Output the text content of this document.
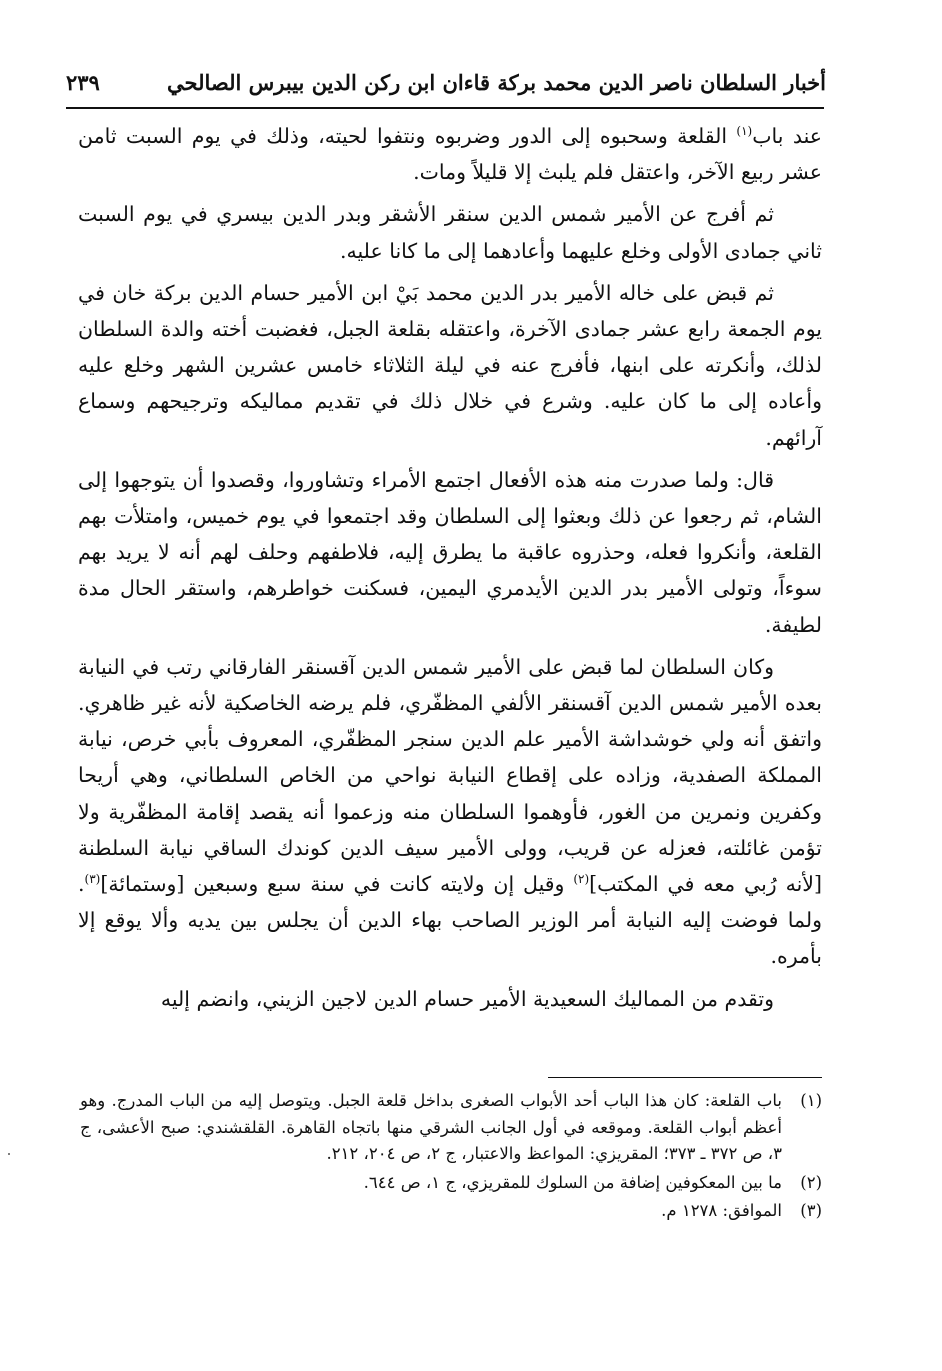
أخبار السلطان ناصر الدين محمد بركة قاءان ابن ركن الدين بيبرس الصالحي
٢٣٩

عند باب$^{(١)}$ القلعة وسحبوه إلى الدور وضربوه ونتفوا لحيته، وذلك في يوم السبت ثامن عشر ربيع الآخر، واعتقل فلم يلبث إلا قليلاً ومات.

ثم أفرج عن الأمير شمس الدين سنقر الأشقر وبدر الدين بيسري في يوم السبت ثاني جمادى الأولى وخلع عليهما وأعادهما إلى ما كانا عليه.

ثم قبض على خاله الأمير بدر الدين محمد بَيْ ابن الأمير حسام الدين بركة خان في يوم الجمعة رابع عشر جمادى الآخرة، واعتقله بقلعة الجبل، فغضبت أخته والدة السلطان لذلك، وأنكرته على ابنها، فأفرج عنه في ليلة الثلاثاء خامس عشرين الشهر وخلع عليه وأعاده إلى ما كان عليه. وشرع في خلال ذلك في تقديم مماليكه وترجيحهم وسماع آرائهم.

قال: ولما صدرت منه هذه الأفعال اجتمع الأمراء وتشاوروا، وقصدوا أن يتوجهوا إلى الشام، ثم رجعوا عن ذلك وبعثوا إلى السلطان وقد اجتمعوا في يوم خميس، وامتلأت بهم القلعة، وأنكروا فعله، وحذروه عاقبة ما يطرق إليه، فلاطفهم وحلف لهم أنه لا يريد بهم سوءاً، وتولى الأمير بدر الدين الأيدمري اليمين، فسكنت خواطرهم، واستقر الحال مدة لطيفة.

وكان السلطان لما قبض على الأمير شمس الدين آقسنقر الفارقاني رتب في النيابة بعده الأمير شمس الدين آقسنقر الألفي المظفّري، فلم يرضه الخاصكية لأنه غير ظاهري. واتفق أنه ولي خوشداشة الأمير علم الدين سنجر المظفّري، المعروف بأبي خرص، نيابة المملكة الصفدية، وزاده على إقطاع النيابة نواحي من الخاص السلطاني، وهي أريحا وكفرين ونمرين من الغور، فأوهموا السلطان منه وزعموا أنه يقصد إقامة المظفّرية ولا تؤمن غائلته، فعزله عن قريب، وولى الأمير سيف الدين كوندك الساقي نيابة السلطنة [لأنه رُبي معه في المكتب]$^{(٢)}$ وقيل إن ولايته كانت في سنة سبع وسبعين [وستمائة]$^{(٣)}$. ولما فوضت إليه النيابة أمر الوزير الصاحب بهاء الدين أن يجلس بين يديه وألا يوقع إلا بأمره.

وتقدم من المماليك السعيدية الأمير حسام الدين لاجين الزيني، وانضم إليه

(١)
باب القلعة: كان هذا الباب أحد الأبواب الصغرى بداخل قلعة الجبل. ويتوصل إليه من الباب المدرج. وهو أعظم أبواب القلعة. وموقعه في أول الجانب الشرقي منها باتجاه القاهرة. القلقشندي: صبح الأعشى، ج ٣، ص ٣٧٢ ـ ٣٧٣؛ المقريزي: المواعظ والاعتبار، ج ٢، ص ٢٠٤، ٢١٢.
(٢)
ما بين المعكوفين إضافة من السلوك للمقريزي، ج ١، ص ٦٤٤.
(٣)
الموافق: ١٢٧٨ م.
